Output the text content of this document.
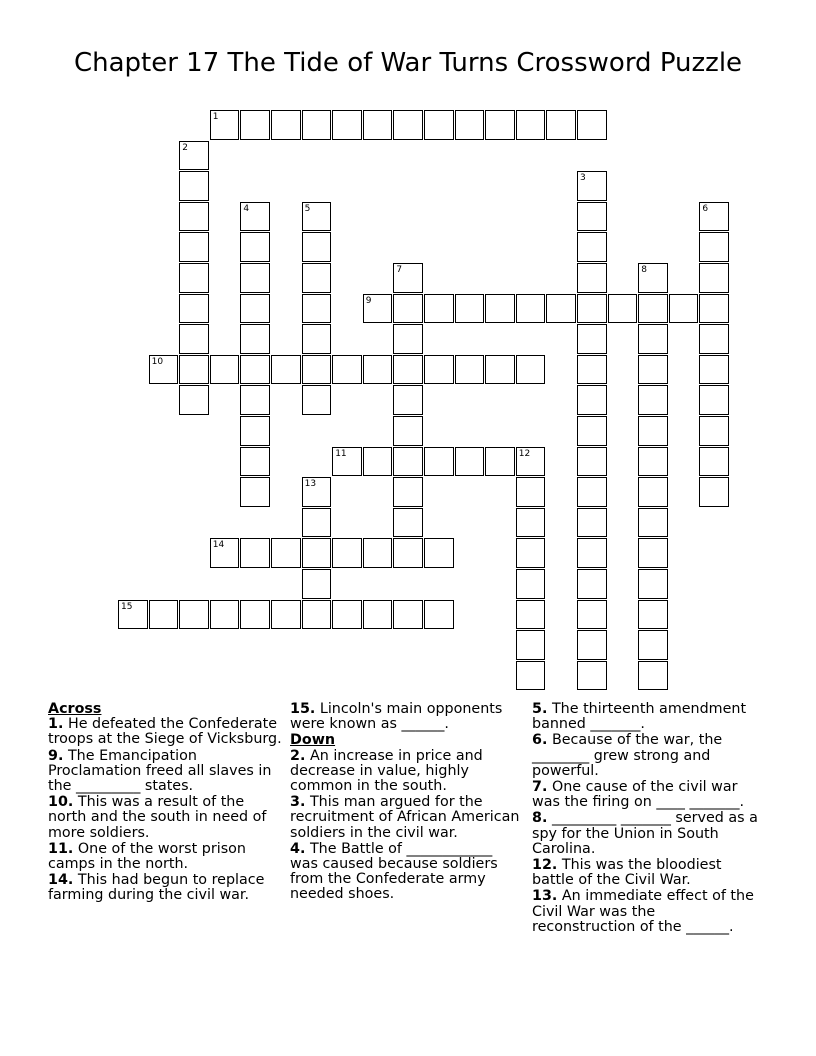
Chapter 17 The Tide of War Turns Crossword Puzzle
1
2
3
4	5	6
7	8
9
10
11	12
13
14
15
Across
1. He defeated the Confederate troops at the Siege of Vicksburg.
9. The Emancipation Proclamation freed all slaves in the _________ states.
10. This was a result of the north and the south in need of more soldiers.
11. One of the worst prison camps in the north.
14. This had begun to replace farming during the civil war.
15. Lincoln's main opponents were known as ______.
Down
2. An increase in price and decrease in value, highly common in the south.
3. This man argued for the recruitment of African American soldiers in the civil war.
4. The Battle of ____________ was caused because soldiers from the Confederate army needed shoes.
5. The thirteenth amendment banned _______.
6. Because of the war, the ________ grew strong and powerful.
7. One cause of the civil war was the firing on ____ _______.
8. _________ _______ served as a spy for the Union in South Carolina.
12. This was the bloodiest battle of the Civil War.
13. An immediate effect of the Civil War was the reconstruction of the ______.
